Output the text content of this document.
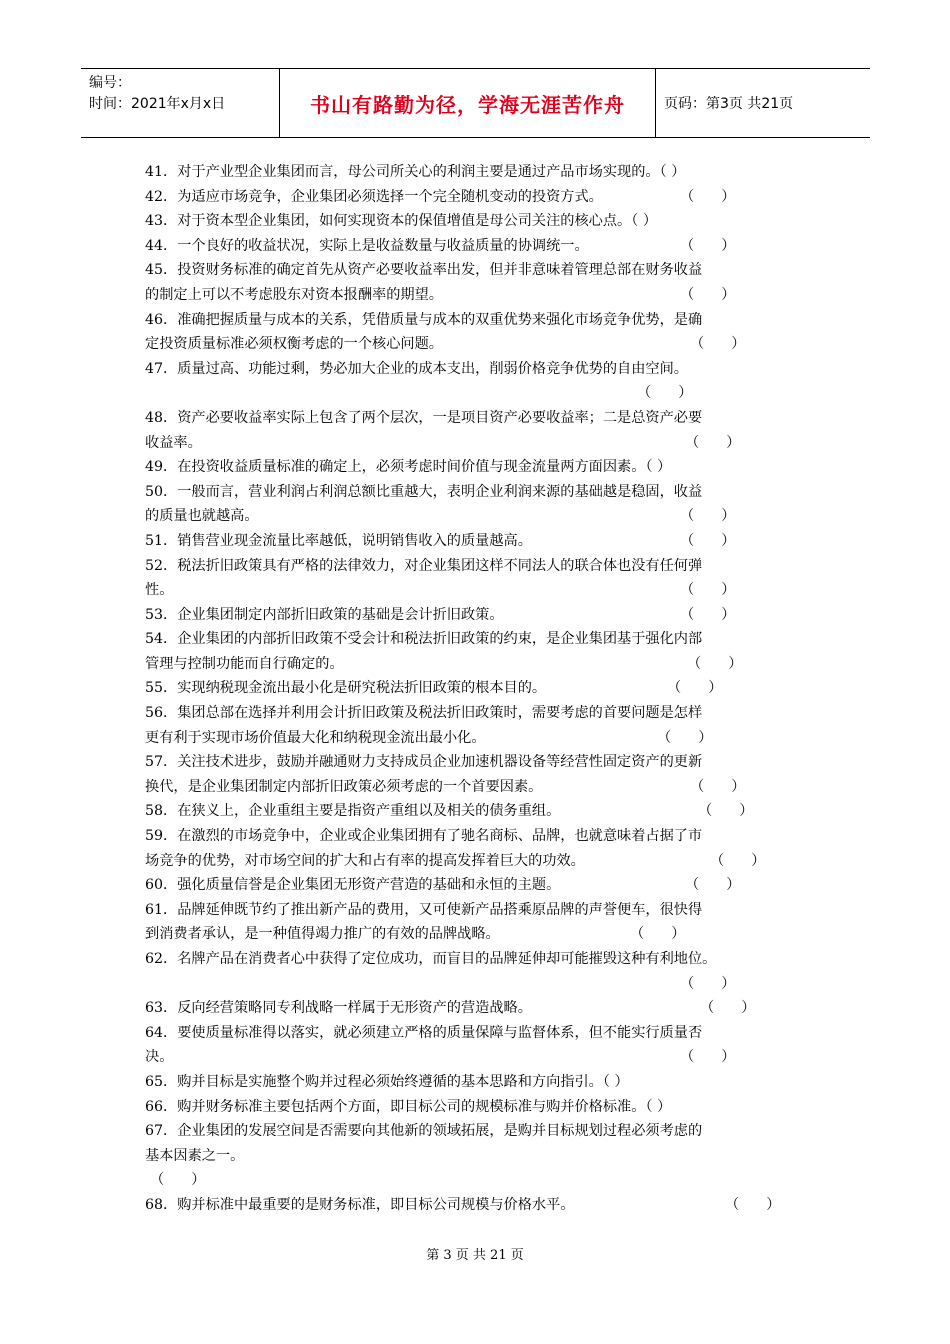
编号：
时间：2021年x月x日	书山有路勤为径，学海无涯苦作舟	页码：第3页 共21页
41．对于产业型企业集团而言，母公司所关心的利润主要是通过产品市场实现的。（ ）
42．为适应市场竞争，企业集团必须选择一个完全随机变动的投资方式。	（      ）
43．对于资本型企业集团，如何实现资本的保值增值是母公司关注的核心点。（ ）
44．一个良好的收益状况，实际上是收益数量与收益质量的协调统一。	（      ）
45．投资财务标准的确定首先从资产必要收益率出发，但并非意味着管理总部在财务收益
的制定上可以不考虑股东对资本报酬率的期望。	（      ）
46．准确把握质量与成本的关系，凭借质量与成本的双重优势来强化市场竞争优势，是确
定投资质量标准必须权衡考虑的一个核心问题。	（      ）
47．质量过高、功能过剩，势必加大企业的成本支出，削弱价格竞争优势的自由空间。
（      ）
48．资产必要收益率实际上包含了两个层次，一是项目资产必要收益率；二是总资产必要
收益率。	（      ）
49．在投资收益质量标准的确定上，必须考虑时间价值与现金流量两方面因素。（ ）
50．一般而言，营业利润占利润总额比重越大，表明企业利润来源的基础越是稳固，收益
的质量也就越高。	（      ）
51．销售营业现金流量比率越低，说明销售收入的质量越高。	（      ）
52．税法折旧政策具有严格的法律效力，对企业集团这样不同法人的联合体也没有任何弹
性。	（      ）
53．企业集团制定内部折旧政策的基础是会计折旧政策。	（      ）
54．企业集团的内部折旧政策不受会计和税法折旧政策的约束，是企业集团基于强化内部
管理与控制功能而自行确定的。	（      ）
55．实现纳税现金流出最小化是研究税法折旧政策的根本目的。	（      ）
56．集团总部在选择并利用会计折旧政策及税法折旧政策时，需要考虑的首要问题是怎样
更有利于实现市场价值最大化和纳税现金流出最小化。	（      ）
57．关注技术进步，鼓励并融通财力支持成员企业加速机器设备等经营性固定资产的更新
换代，是企业集团制定内部折旧政策必须考虑的一个首要因素。	（      ）
58．在狭义上，企业重组主要是指资产重组以及相关的债务重组。	（      ）
59．在激烈的市场竞争中，企业或企业集团拥有了驰名商标、品牌，也就意味着占据了市
场竞争的优势，对市场空间的扩大和占有率的提高发挥着巨大的功效。	（      ）
60．强化质量信誉是企业集团无形资产营造的基础和永恒的主题。	（      ）
61．品牌延伸既节约了推出新产品的费用，又可使新产品搭乘原品牌的声誉便车，很快得
到消费者承认，是一种值得竭力推广的有效的品牌战略。	（      ）
62．名牌产品在消费者心中获得了定位成功，而盲目的品牌延伸却可能摧毁这种有利地位。
（      ）
63．反向经营策略同专利战略一样属于无形资产的营造战略。	（      ）
64．要使质量标准得以落实，就必须建立严格的质量保障与监督体系，但不能实行质量否
决。	（      ）
65．购并目标是实施整个购并过程必须始终遵循的基本思路和方向指引。（ ）
66．购并财务标准主要包括两个方面，即目标公司的规模标准与购并价格标准。（ ）
67．企业集团的发展空间是否需要向其他新的领域拓展，是购并目标规划过程必须考虑的
基本因素之一。
（      ）
68．购并标准中最重要的是财务标准，即目标公司规模与价格水平。	（      ）
第 3 页 共 21 页
